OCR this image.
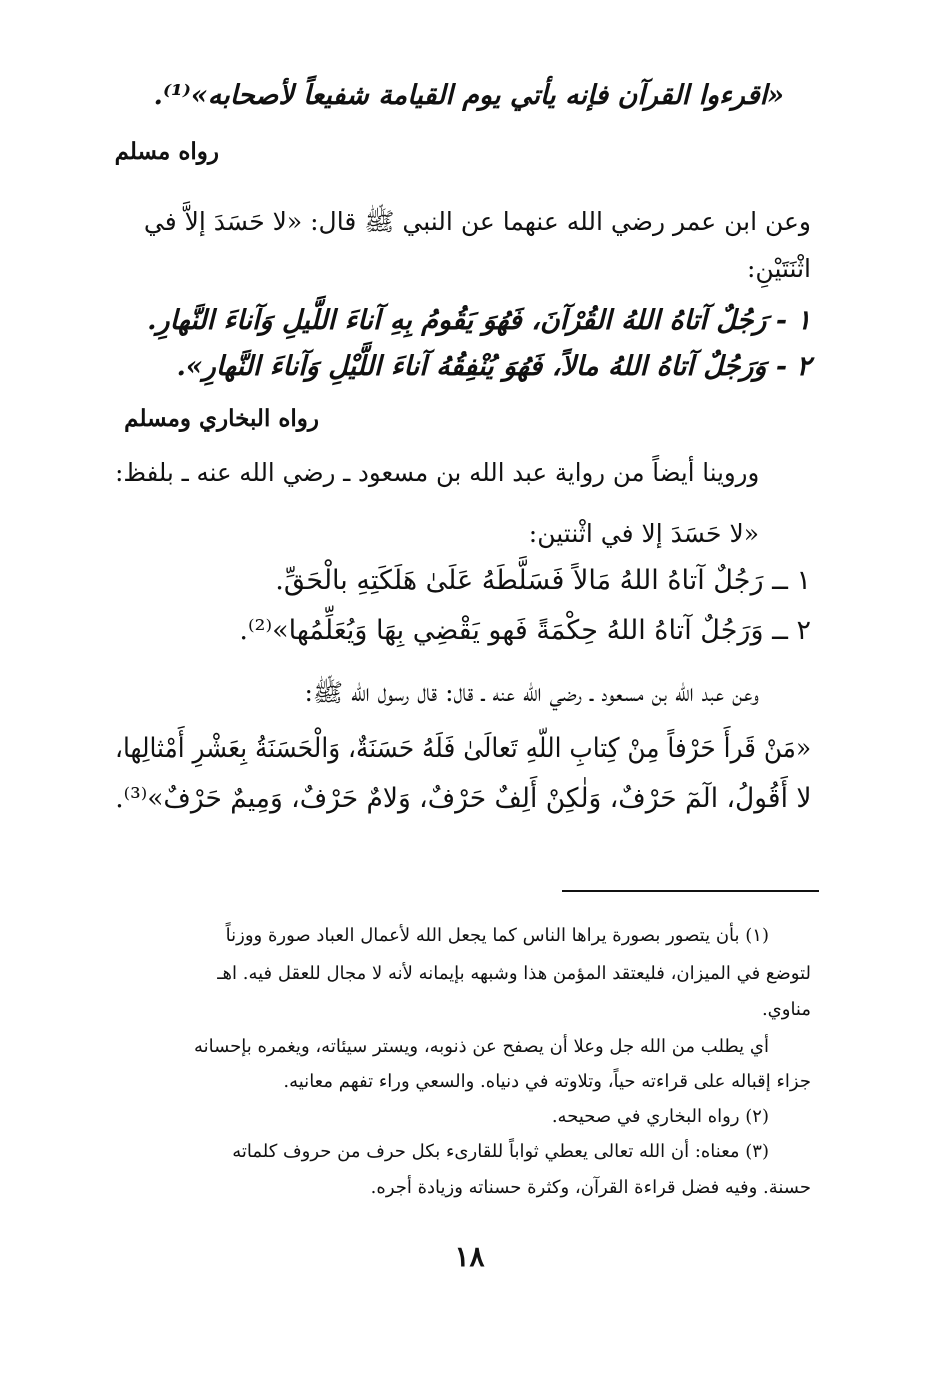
«اقرءوا القرآن فإنه يأتي يوم القيامة شفيعاً لأصحابه»⁽¹⁾.
رواه مسلم
وعن ابن عمر رضي الله عنهما عن النبي ﷺ قال: «لا حَسَدَ إلاَّ في
اثْنَتَيْنِ:
١ - رَجُلٌ آتاهُ اللهُ القُرْآنَ، فَهُوَ يَقُومُ بِهِ آناءَ اللَّيلِ وَآناءَ النَّهارِ.
٢ - وَرَجُلٌ آتاهُ اللهُ مالاً، فَهُوَ يُنْفِقُهُ آناءَ اللَّيْلِ وَآناءَ النَّهارِ».
رواه البخاري ومسلم
وروينا أيضاً من رواية عبد الله بن مسعود ـ رضي الله عنه ـ بلفظ:
«لا حَسَدَ إلا في اثْنتين:
١ ــ رَجُلٌ آتاهُ اللهُ مَالاً فَسَلَّطَهُ عَلَىٰ هَلَكَتِهِ بالْحَقِّ.
٢ ــ وَرَجُلٌ آتاهُ اللهُ حِكْمَةً فَهو يَقْضِي بِهَا وَيُعَلِّمُها»⁽²⁾.
وعن عبد الله بن مسعود ـ رضي الله عنه ـ قال: قال رسول الله ﷺ:
«مَنْ قَرأَ حَرْفاً مِنْ كِتابِ اللّهِ تَعالَىٰ فَلَهُ حَسَنَةٌ، وَالْحَسَنَةُ بِعَشْرِ أَمْثالِها،
لا أَقُولُ، الٓمٓ حَرْفٌ، وَلٰكِنْ أَلِفٌ حَرْفٌ، وَلامٌ حَرْفٌ، وَمِيمٌ حَرْفٌ»⁽³⁾.
(١) بأن يتصور بصورة يراها الناس كما يجعل الله لأعمال العباد صورة ووزناً
لتوضع في الميزان، فليعتقد المؤمن هذا وشبهه بإيمانه لأنه لا مجال للعقل فيه. اهـ
مناوي.
أي يطلب من الله جل وعلا أن يصفح عن ذنوبه، ويستر سيئاته، ويغمره بإحسانه
جزاء إقباله على قراءته حياً، وتلاوته في دنياه. والسعي وراء تفهم معانيه.
(٢) رواه البخاري في صحيحه.
(٣) معناه: أن الله تعالى يعطي ثواباً للقارىء بكل حرف من حروف كلماته
حسنة. وفيه فضل قراءة القرآن، وكثرة حسناته وزيادة أجره.
١٨
